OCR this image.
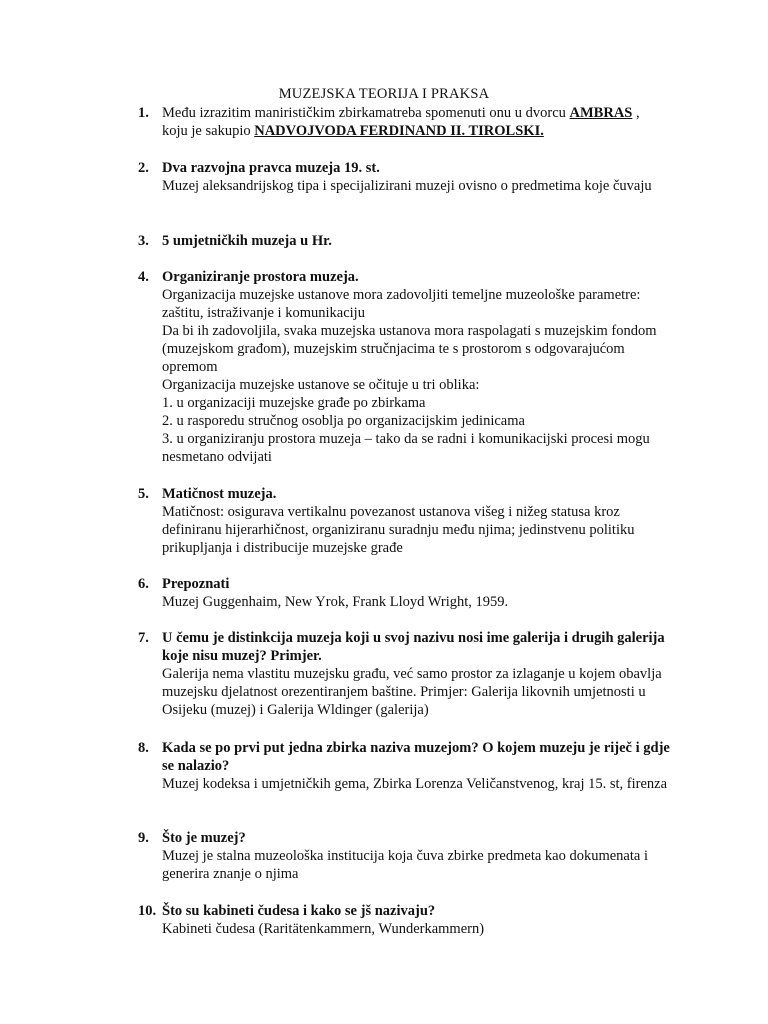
MUZEJSKA TEORIJA I PRAKSA
1. Među izrazitim manirističkim zbirkamatreba spomenuti onu u dvorcu AMBRAS ,
koju je sakupio NADVOJVODA FERDINAND II. TIROLSKI.
2. Dva razvojna pravca muzeja 19. st.
Muzej aleksandrijskog tipa i specijalizirani muzeji ovisno o predmetima koje čuvaju
3. 5 umjetničkih muzeja u Hr.
4. Organiziranje prostora muzeja.
Organizacija muzejske ustanove mora zadovoljiti temeljne muzeološke parametre: zaštitu, istraživanje i komunikaciju
Da bi ih zadovoljila, svaka muzejska ustanova mora raspolagati s muzejskim fondom (muzejskom građom), muzejskim stručnjacima te s prostorom s odgovarajućom opremom
Organizacija muzejske ustanove se očituje u tri oblika:
1. u organizaciji muzejske građe po zbirkama
2. u rasporedu stručnog osoblja po organizacijskim jedinicama
3. u organiziranju prostora muzeja – tako da se radni i komunikacijski procesi mogu nesmetano odvijati
5. Matičnost muzeja.
Matičnost: osigurava vertikalnu povezanost ustanova višeg i nižeg statusa kroz definiranu hijerarhičnost, organiziranu suradnju među njima; jedinstvenu politiku prikupljanja i distribucije muzejske građe
6. Prepoznati
Muzej Guggenhaim, New Yrok, Frank Lloyd Wright, 1959.
7. U čemu je distinkcija muzeja koji u svoj nazivu nosi ime galerija i drugih galerija koje nisu muzej? Primjer.
Galerija nema vlastitu muzejsku građu, već samo prostor za izlaganje u kojem obavlja muzejsku djelatnost orezentiranjem baštine. Primjer: Galerija likovnih umjetnosti u Osijeku (muzej) i Galerija Wldinger (galerija)
8. Kada se po prvi put jedna zbirka naziva muzejom? O kojem muzeju je riječ i gdje se nalazio?
Muzej kodeksa i umjetničkih gema, Zbirka Lorenza Veličanstvenog, kraj 15. st, firenza
9. Što je muzej?
Muzej je stalna muzeološka institucija koja čuva zbirke predmeta kao dokumenata i generira znanje o njima
10. Što su kabineti čudesa i kako se jš nazivaju?
Kabineti čudesa (Raritätenkammern, Wunderkammern)
